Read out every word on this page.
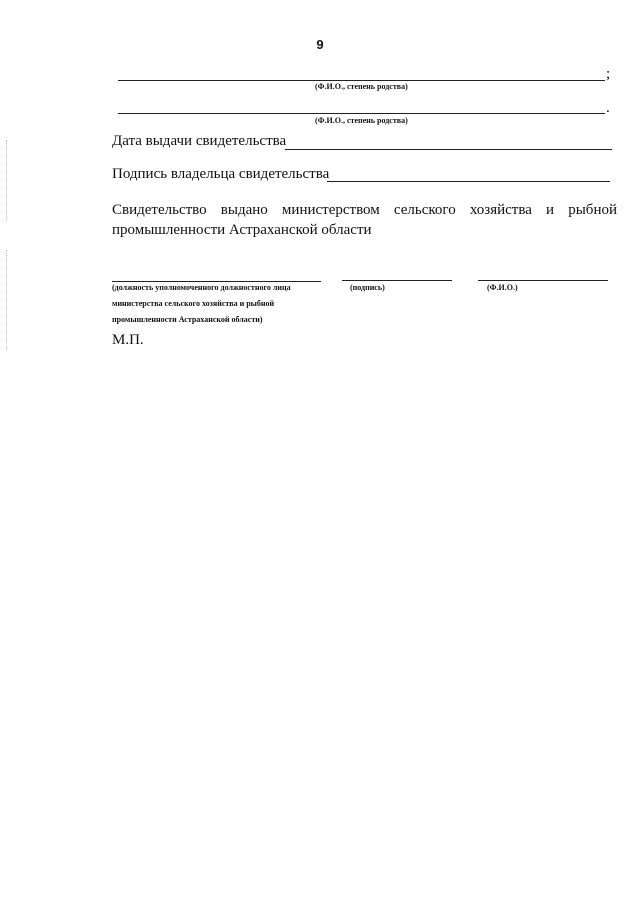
9
;
(Ф.И.О., степень родства)
.
(Ф.И.О., степень родства)
Дата выдачи свидетельства
Подпись владельца свидетельства
Свидетельство выдано министерством сельского хозяйства и рыбной промышленности Астраханской области
(должность уполномоченного должностного лица
министерства сельского хозяйства и рыбной
промышленности Астраханской области)
(подпись)	(Ф.И.О.)
М.П.
